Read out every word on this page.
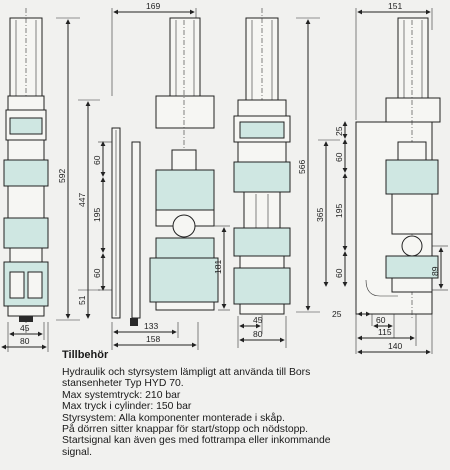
592
447
51
45
80
169
60
195
60	181
133
158
566
45
80
151
25
60
195
60
365
89
25
60
115
140

Tillbehör

Hydraulik och styrsystem lämpligt att använda till Bors

stansenheter Typ HYD 70.

Max systemtryck: 210 bar

Max tryck i cylinder: 150 bar

Styrsystem: Alla komponenter monterade i skåp.

På dörren sitter knappar för start/stopp och nödstopp.

Startsignal kan även ges med fottrampa eller inkommande

signal.
